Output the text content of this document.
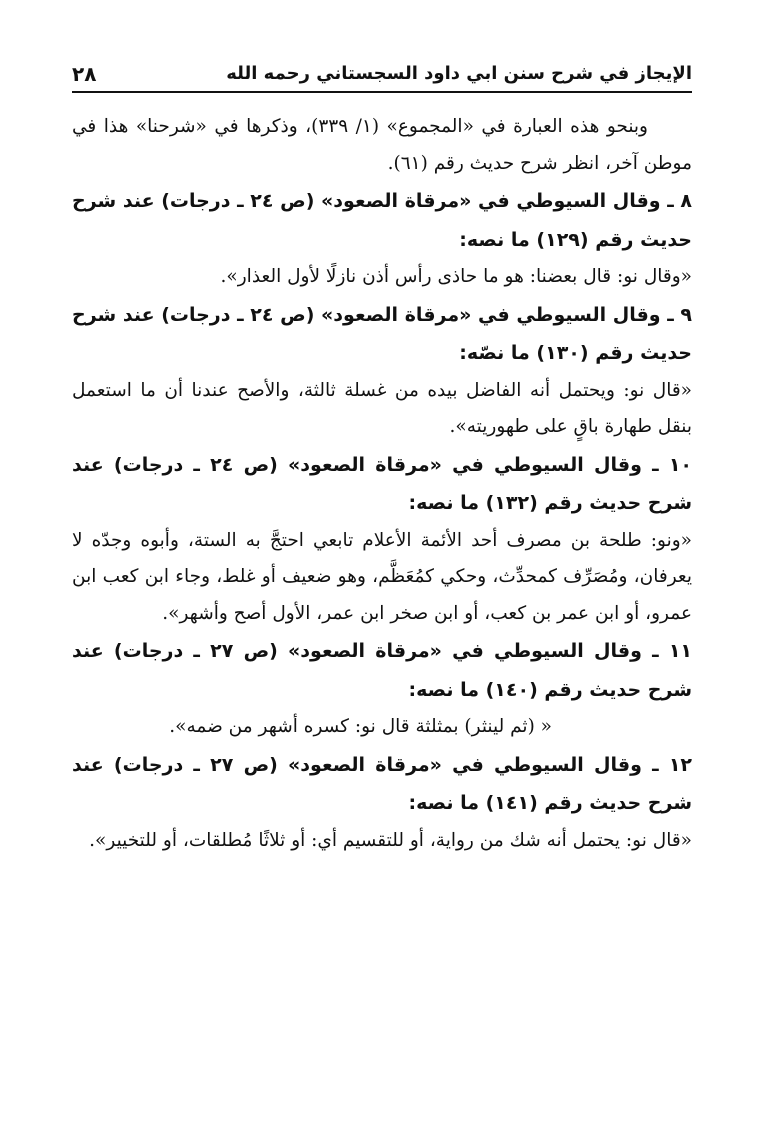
الإيجاز في شرح سنن ابي داود السجستاني رحمه الله
٢٨

وبنحو هذه العبارة في «المجموع» (١/ ٣٣٩)، وذكرها في «شرحنا» هذا في موطن آخر، انظر شرح حديث رقم (٦١).

٨ ـ وقال السيوطي في «مرقاة الصعود» (ص ٢٤ ـ درجات) عند شرح حديث رقم (١٢٩) ما نصه:

«وقال نو: قال بعضنا: هو ما حاذى رأس أذن نازلًا لأول العذار».

٩ ـ وقال السيوطي في «مرقاة الصعود» (ص ٢٤ ـ درجات) عند شرح حديث رقم (١٣٠) ما نصّه:

«قال نو: ويحتمل أنه الفاضل بيده من غسلة ثالثة، والأصح عندنا أن ما استعمل بنقل طهارة باقٍ على طهوريته».

١٠ ـ وقال السيوطي في «مرقاة الصعود» (ص ٢٤ ـ درجات) عند شرح حديث رقم (١٣٢) ما نصه:

«ونو: طلحة بن مصرف أحد الأئمة الأعلام تابعي احتجَّ به الستة، وأبوه وجدّه لا يعرفان، ومُصَرِّف كمحدِّث، وحكي كمُعَظَّم، وهو ضعيف أو غلط، وجاء ابن كعب ابن عمرو، أو ابن عمر بن كعب، أو ابن صخر ابن عمر، الأول أصح وأشهر».

١١ ـ وقال السيوطي في «مرقاة الصعود» (ص ٢٧ ـ درجات) عند شرح حديث رقم (١٤٠) ما نصه:

« (ثم لينثر) بمثلثة قال نو: كسره أشهر من ضمه».

١٢ ـ وقال السيوطي في «مرقاة الصعود» (ص ٢٧ ـ درجات) عند شرح حديث رقم (١٤١) ما نصه:

«قال نو: يحتمل أنه شك من رواية، أو للتقسيم أي: أو ثلاثًا مُطلقات، أو للتخيير».
